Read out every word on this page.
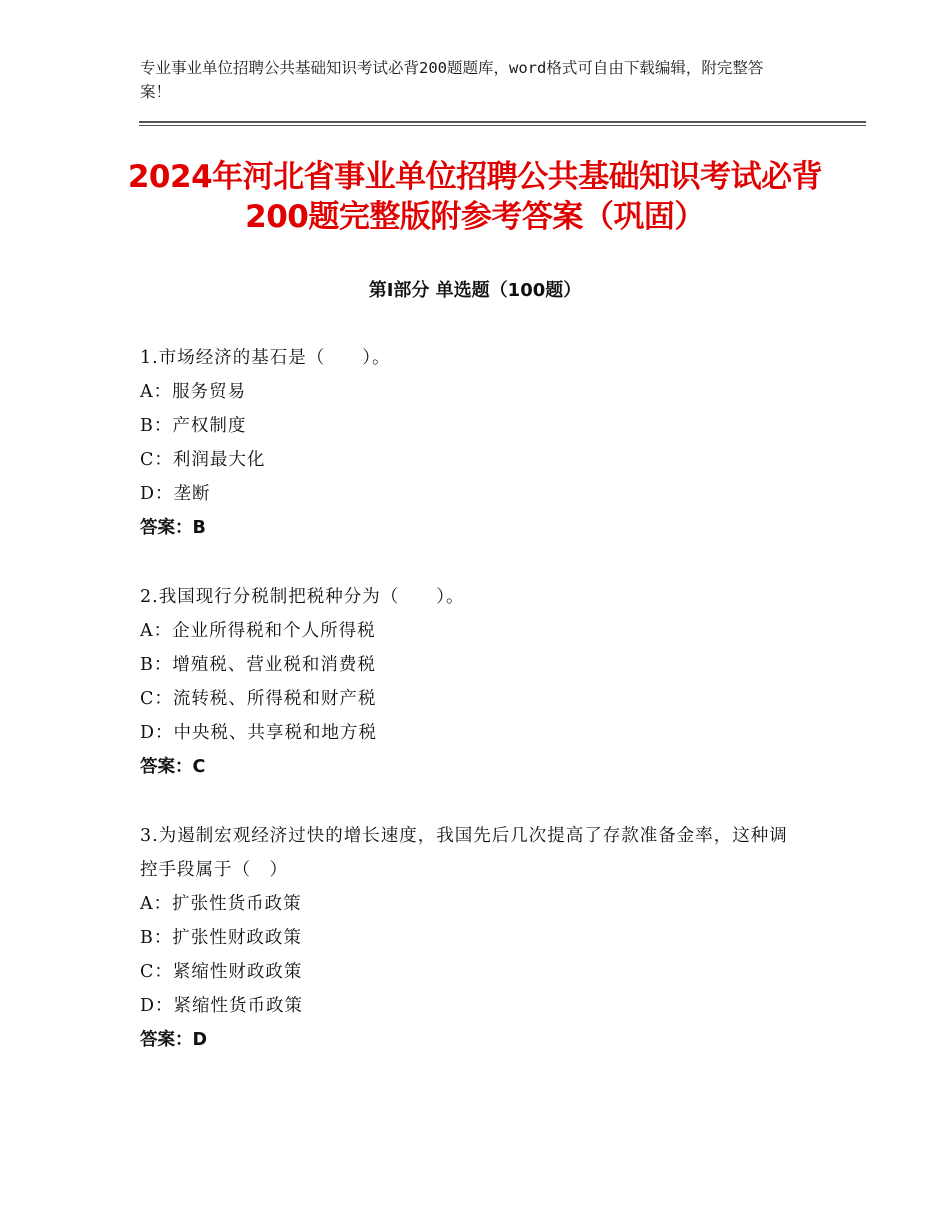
专业事业单位招聘公共基础知识考试必背200题题库，word格式可自由下载编辑，附完整答案！
2024年河北省事业单位招聘公共基础知识考试必背200题完整版附参考答案（巩固）
第Ⅰ部分 单选题（100题）
1.市场经济的基石是（　　）。
A：服务贸易
B：产权制度
C：利润最大化
D：垄断
答案：B
2.我国现行分税制把税种分为（　　）。
A：企业所得税和个人所得税
B：增殖税、营业税和消费税
C：流转税、所得税和财产税
D：中央税、共享税和地方税
答案：C
3.为遏制宏观经济过快的增长速度，我国先后几次提高了存款准备金率，这种调控手段属于（　）
A：扩张性货币政策
B：扩张性财政政策
C：紧缩性财政政策
D：紧缩性货币政策
答案：D
